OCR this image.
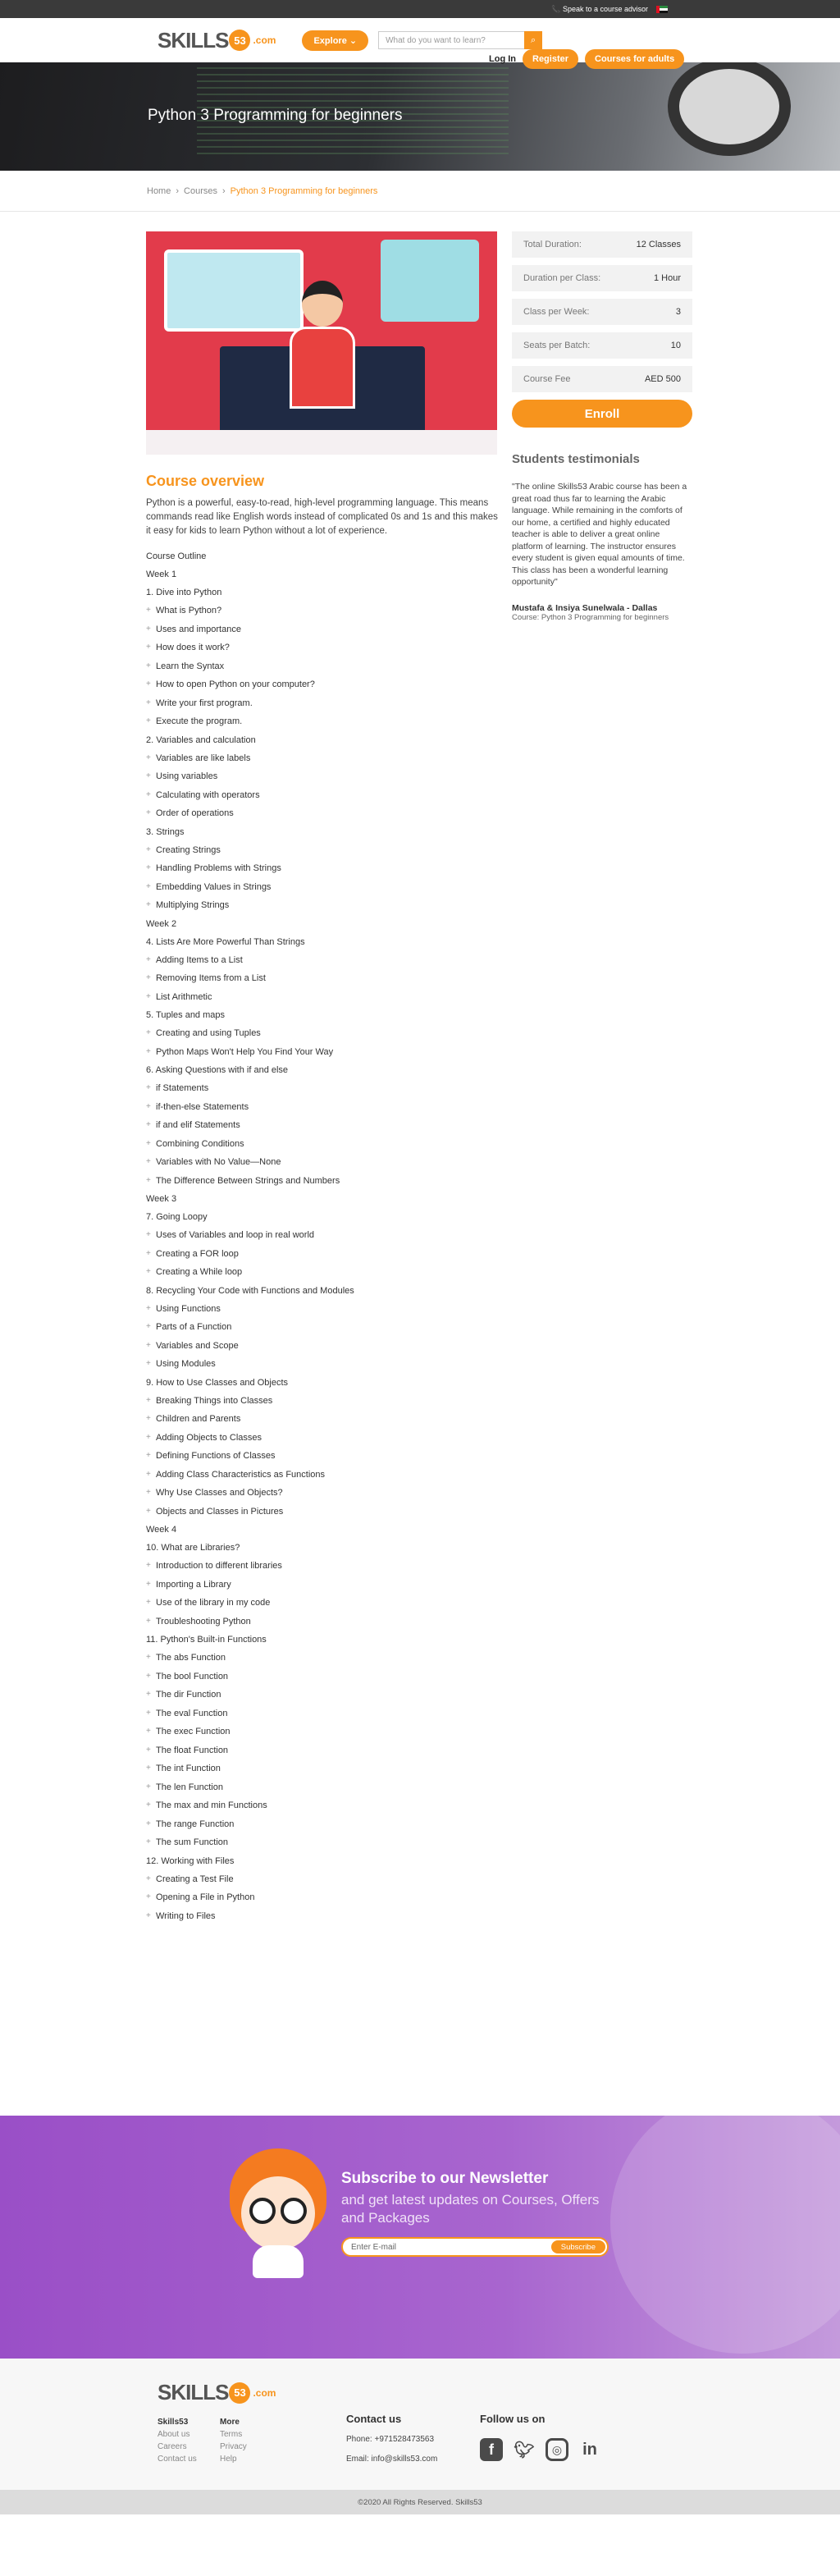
📞 Speak to a course advisor
SKILLS 53 .com	Explore ⌄	What do you want to learn?	⌕
Log In	Register	Courses for adults
Python 3 Programming for beginners
Home › Courses › Python 3 Programming for beginners
Course overview

Python is a powerful, easy-to-read, high-level programming language. This means commands read like English words instead of complicated 0s and 1s and this makes it easy for kids to learn Python without a lot of experience.

Course Outline
Week 1
1. Dive into Python
+ What is Python?
+ Uses and importance
+ How does it work?
+ Learn the Syntax
+ How to open Python on your computer?
+ Write your first program.
+ Execute the program.
2. Variables and calculation
+ Variables are like labels
+ Using variables
+ Calculating with operators
+ Order of operations
3. Strings
+ Creating Strings
+ Handling Problems with Strings
+ Embedding Values in Strings
+ Multiplying Strings
Week 2
4. Lists Are More Powerful Than Strings
+ Adding Items to a List
+ Removing Items from a List
+ List Arithmetic
5. Tuples and maps
+ Creating and using Tuples
+ Python Maps Won't Help You Find Your Way
6. Asking Questions with if and else
+ if Statements
+ if-then-else Statements
+ if and elif Statements
+ Combining Conditions
+ Variables with No Value—None
+ The Difference Between Strings and Numbers
Week 3
7. Going Loopy
+ Uses of Variables and loop in real world
+ Creating a FOR loop
+ Creating a While loop
8. Recycling Your Code with Functions and Modules
+ Using Functions
+ Parts of a Function
+ Variables and Scope
+ Using Modules
9. How to Use Classes and Objects
+ Breaking Things into Classes
+ Children and Parents
+ Adding Objects to Classes
+ Defining Functions of Classes
+ Adding Class Characteristics as Functions
+ Why Use Classes and Objects?
+ Objects and Classes in Pictures
Week 4
10. What are Libraries?
+ Introduction to different libraries
+ Importing a Library
+ Use of the library in my code
+ Troubleshooting Python
11. Python's Built-in Functions
+ The abs Function
+ The bool Function
+ The dir Function
+ The eval Function
+ The exec Function
+ The float Function
+ The int Function
+ The len Function
+ The max and min Functions
+ The range Function
+ The sum Function
12. Working with Files
+ Creating a Test File
+ Opening a File in Python
+ Writing to Files
Total Duration:	12 Classes
Duration per Class:	1 Hour
Class per Week:	3
Seats per Batch:	10
Course Fee	AED 500
Enroll
Students testimonials

"The online Skills53 Arabic course has been a great road thus far to learning the Arabic language. While remaining in the comforts of our home, a certified and highly educated teacher is able to deliver a great online platform of learning. The instructor ensures every student is given equal amounts of time. This class has been a wonderful learning opportunity"

Mustafa & Insiya Sunelwala - Dallas

Course: Python 3 Programming for beginners

Subscribe to our Newsletter

and get latest updates on Courses, Offers and Packages

Enter E-mail	Subscribe
SKILLS 53 .com
Skills53
About us
Careers
Contact us
More
Terms
Privacy
Help
Contact us
Phone: +971528473563
Email: info@skills53.com
Follow us on
f	🐦︎	◎	in
©2020 All Rights Reserved. Skills53
